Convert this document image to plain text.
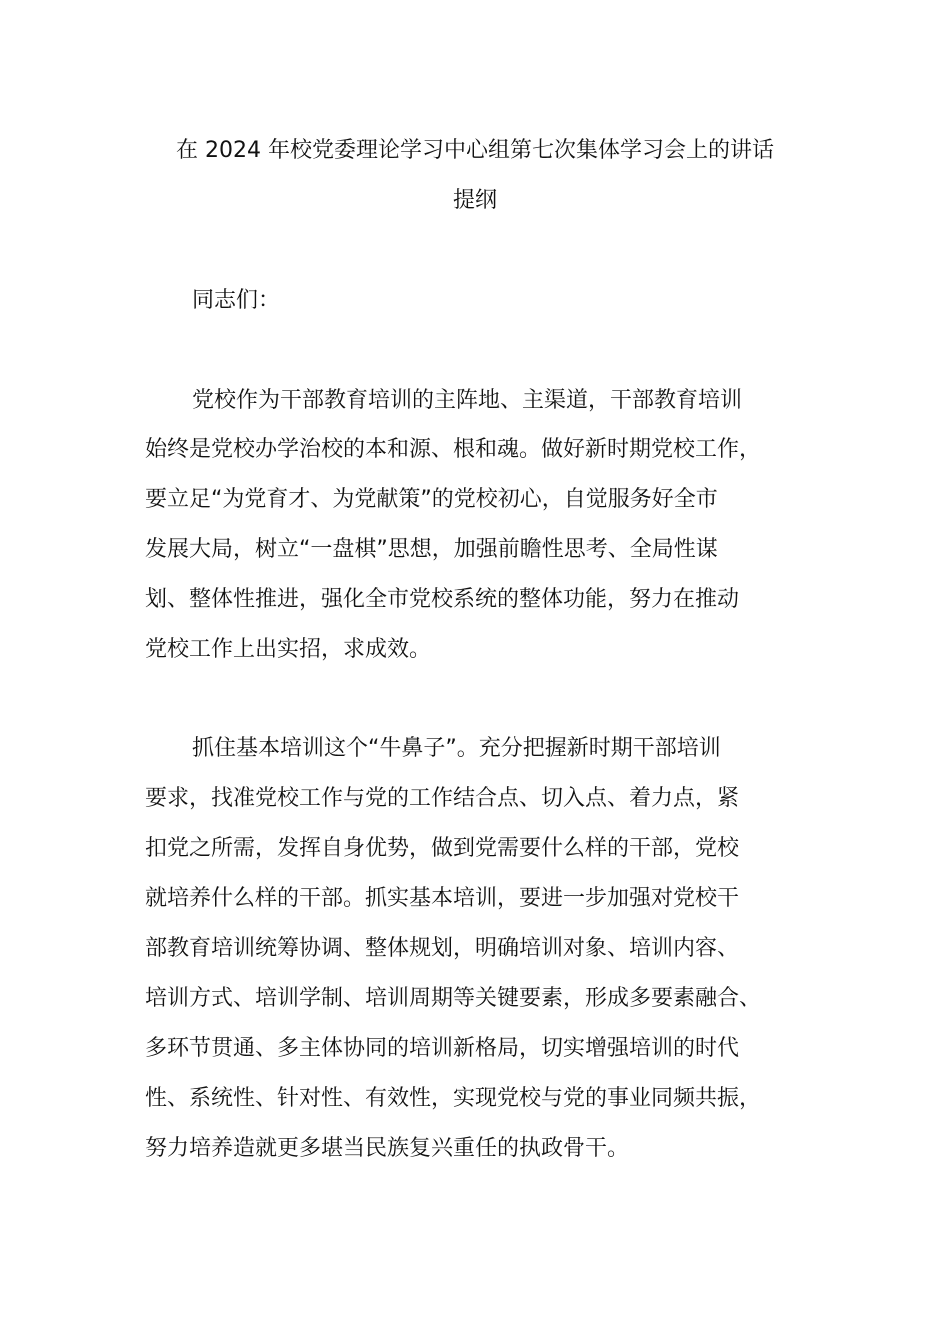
在 2024 年校党委理论学习中心组第七次集体学习会上的讲话
提纲

同志们：

党校作为干部教育培训的主阵地、主渠道，干部教育培训

始终是党校办学治校的本和源、根和魂。做好新时期党校工作，

要立足“为党育才、为党献策”的党校初心，自觉服务好全市

发展大局，树立“一盘棋”思想，加强前瞻性思考、全局性谋

划、整体性推进，强化全市党校系统的整体功能，努力在推动

党校工作上出实招，求成效。

抓住基本培训这个“牛鼻子”。充分把握新时期干部培训

要求，找准党校工作与党的工作结合点、切入点、着力点，紧

扣党之所需，发挥自身优势，做到党需要什么样的干部，党校

就培养什么样的干部。抓实基本培训，要进一步加强对党校干

部教育培训统筹协调、整体规划，明确培训对象、培训内容、

培训方式、培训学制、培训周期等关键要素，形成多要素融合、

多环节贯通、多主体协同的培训新格局，切实增强培训的时代

性、系统性、针对性、有效性，实现党校与党的事业同频共振，

努力培养造就更多堪当民族复兴重任的执政骨干。
